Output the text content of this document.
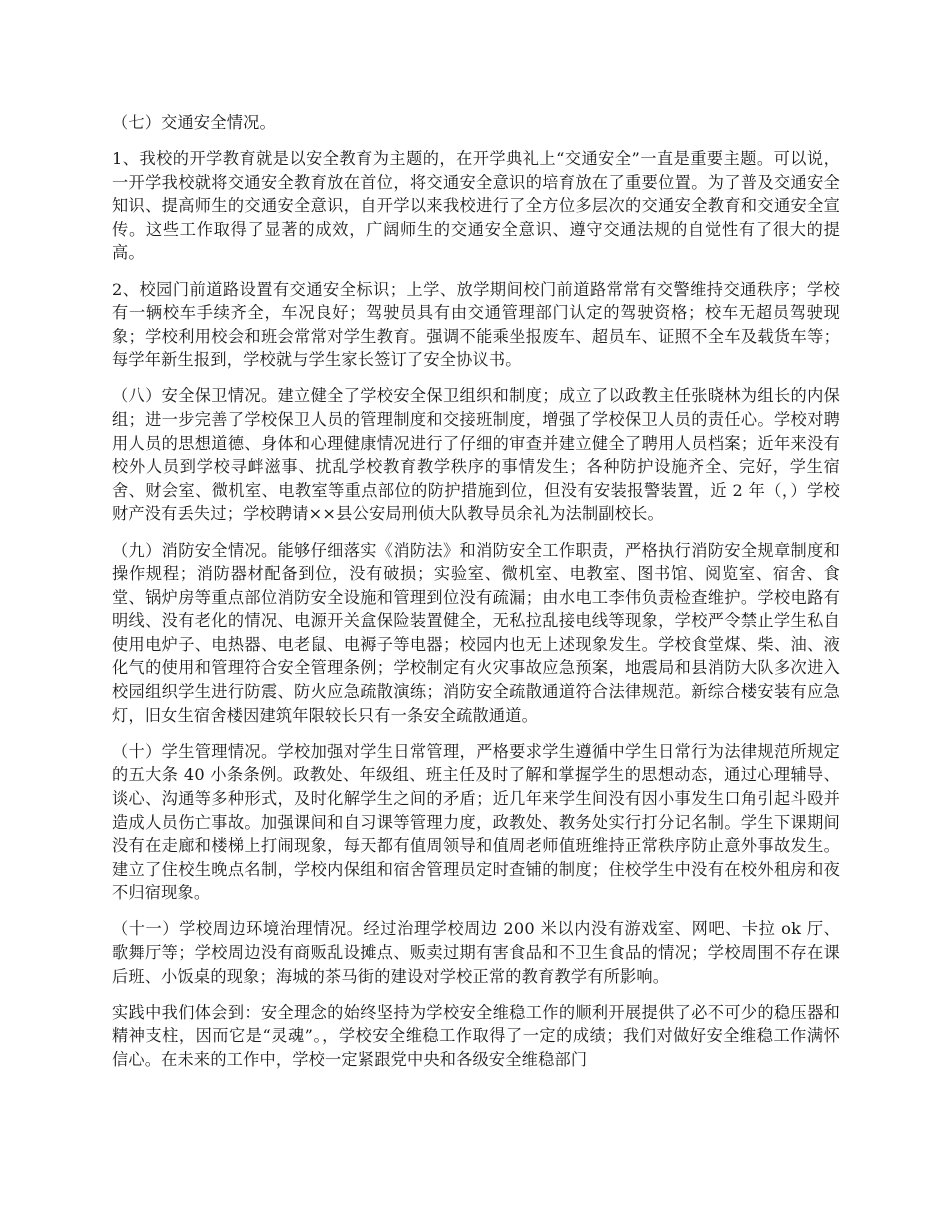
（七）交通安全情况。

1、我校的开学教育就是以安全教育为主题的，在开学典礼上“交通安全”一直是重要主题。可以说，一开学我校就将交通安全教育放在首位，将交通安全意识的培育放在了重要位置。为了普及交通安全知识、提高师生的交通安全意识，自开学以来我校进行了全方位多层次的交通安全教育和交通安全宣传。这些工作取得了显著的成效，广阔师生的交通安全意识、遵守交通法规的自觉性有了很大的提高。

2、校园门前道路设置有交通安全标识；上学、放学期间校门前道路常常有交警维持交通秩序；学校有一辆校车手续齐全，车况良好；驾驶员具有由交通管理部门认定的驾驶资格；校车无超员驾驶现象；学校利用校会和班会常常对学生教育。强调不能乘坐报废车、超员车、证照不全车及载货车等；每学年新生报到，学校就与学生家长签订了安全协议书。

（八）安全保卫情况。建立健全了学校安全保卫组织和制度；成立了以政教主任张晓林为组长的内保组；进一步完善了学校保卫人员的管理制度和交接班制度，增强了学校保卫人员的责任心。学校对聘用人员的思想道德、身体和心理健康情况进行了仔细的审查并建立健全了聘用人员档案；近年来没有校外人员到学校寻衅滋事、扰乱学校教育教学秩序的事情发生；各种防护设施齐全、完好，学生宿舍、财会室、微机室、电教室等重点部位的防护措施到位，但没有安装报警装置，近 2 年（，）学校财产没有丢失过；学校聘请××县公安局刑侦大队教导员余礼为法制副校长。

（九）消防安全情况。能够仔细落实《消防法》和消防安全工作职责，严格执行消防安全规章制度和操作规程；消防器材配备到位，没有破损；实验室、微机室、电教室、图书馆、阅览室、宿舍、食堂、锅炉房等重点部位消防安全设施和管理到位没有疏漏；由水电工李伟负责检查维护。学校电路有明线、没有老化的情况、电源开关盒保险装置健全，无私拉乱接电线等现象，学校严令禁止学生私自使用电炉子、电热器、电老鼠、电褥子等电器；校园内也无上述现象发生。学校食堂煤、柴、油、液化气的使用和管理符合安全管理条例；学校制定有火灾事故应急预案，地震局和县消防大队多次进入校园组织学生进行防震、防火应急疏散演练；消防安全疏散通道符合法律规范。新综合楼安装有应急灯，旧女生宿舍楼因建筑年限较长只有一条安全疏散通道。

（十）学生管理情况。学校加强对学生日常管理，严格要求学生遵循中学生日常行为法律规范所规定的五大条 40 小条条例。政教处、年级组、班主任及时了解和掌握学生的思想动态，通过心理辅导、谈心、沟通等多种形式，及时化解学生之间的矛盾；近几年来学生间没有因小事发生口角引起斗殴并造成人员伤亡事故。加强课间和自习课等管理力度，政教处、教务处实行打分记名制。学生下课期间没有在走廊和楼梯上打闹现象，每天都有值周领导和值周老师值班维持正常秩序防止意外事故发生。建立了住校生晚点名制，学校内保组和宿舍管理员定时查铺的制度；住校学生中没有在校外租房和夜不归宿现象。

（十一）学校周边环境治理情况。经过治理学校周边 200 米以内没有游戏室、网吧、卡拉 ok 厅、歌舞厅等；学校周边没有商贩乱设摊点、贩卖过期有害食品和不卫生食品的情况；学校周围不存在课后班、小饭桌的现象；海城的茶马街的建设对学校正常的教育教学有所影响。

实践中我们体会到：安全理念的始终坚持为学校安全维稳工作的顺利开展提供了必不可少的稳压器和精神支柱，因而它是“灵魂”。，学校安全维稳工作取得了一定的成绩；我们对做好安全维稳工作满怀信心。在未来的工作中，学校一定紧跟党中央和各级安全维稳部门
